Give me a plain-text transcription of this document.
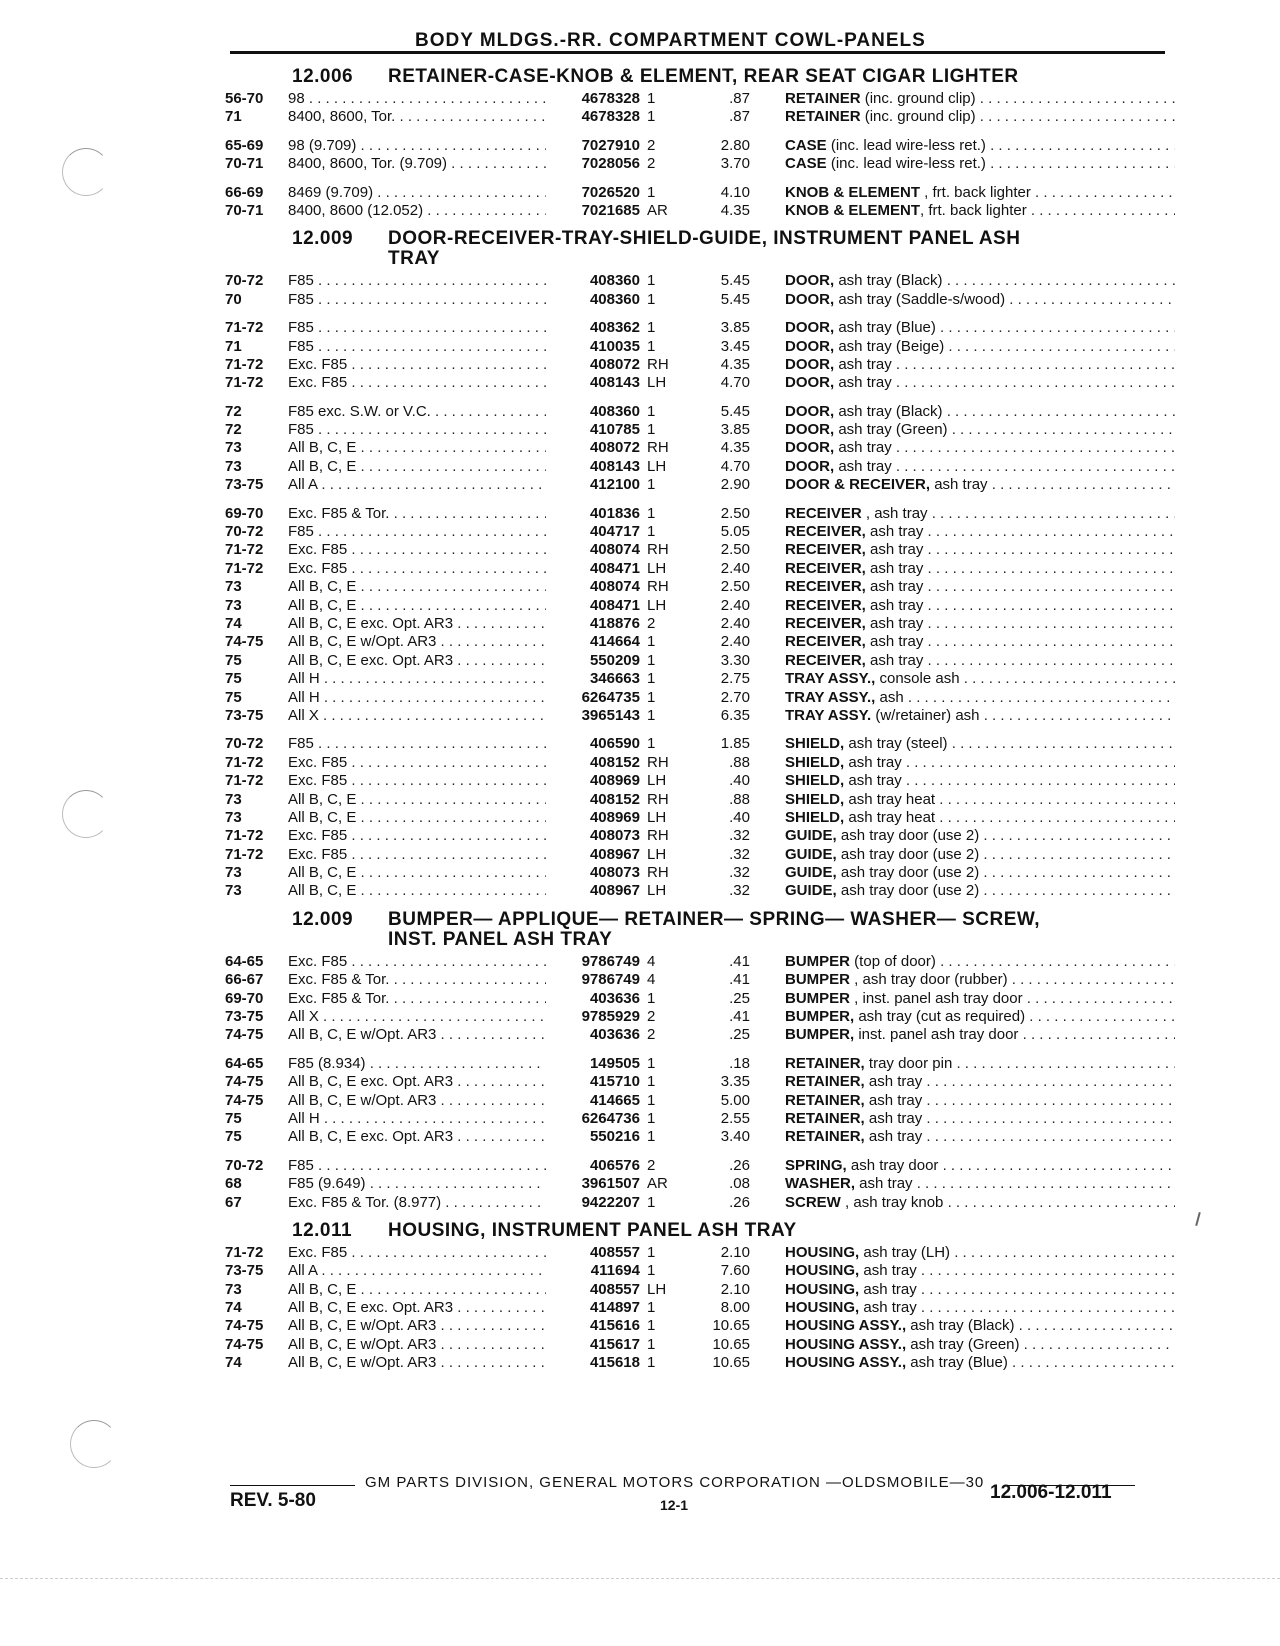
BODY MLDGS.-RR. COMPARTMENT COWL-PANELS
12.006 RETAINER-CASE-KNOB & ELEMENT, REAR SEAT CIGAR LIGHTER
56-70	98 . . .	4678328 1	.87 RETAINER (inc. ground clip) . . .
71	8400, 8600, Tor. . . .	4678328 1	.87 RETAINER (inc. ground clip) . . .
65-69	98 (9.709) . . .	7027910 2	2.80 CASE (inc. lead wire-less ret.) . . .
70-71	8400, 8600, Tor. (9.709) . . .	7028056 2	3.70 CASE (inc. lead wire-less ret.) . . .
66-69	8469 (9.709) . . .	7026520 1	4.10 KNOB & ELEMENT , frt. back lighter . . .
70-71	8400, 8600 (12.052) . . .	7021685 AR	4.35 KNOB & ELEMENT, frt. back lighter . . .
12.009 DOOR-RECEIVER-TRAY-SHIELD-GUIDE, INSTRUMENT PANEL ASH
TRAY
70-72	F85 . . .	408360 1	5.45 DOOR, ash tray (Black) . . .
70	F85 . . .	408360 1	5.45 DOOR, ash tray (Saddle-s/wood) . . .
71-72	F85 . . .	408362 1	3.85 DOOR, ash tray (Blue) . . .
71	F85 . . .	410035 1	3.45 DOOR, ash tray (Beige) . . .
71-72	Exc. F85 . . .	408072 RH	4.35 DOOR, ash tray . . .
71-72	Exc. F85 . . .	408143 LH	4.70 DOOR, ash tray . . .
72	F85 exc. S.W. or V.C. . . .	408360 1	5.45 DOOR, ash tray (Black) . . .
72	F85 . . .	410785 1	3.85 DOOR, ash tray (Green) . . .
73	All B, C, E . . .	408072 RH	4.35 DOOR, ash tray . . .
73	All B, C, E . . .	408143 LH	4.70 DOOR, ash tray . . .
73-75	All A . . .	412100 1	2.90 DOOR & RECEIVER, ash tray . . .
69-70	Exc. F85 & Tor. . . .	401836 1	2.50 RECEIVER , ash tray . . .
70-72	F85 . . .	404717 1	5.05 RECEIVER, ash tray . . .
71-72	Exc. F85 . . .	408074 RH	2.50 RECEIVER, ash tray . . .
71-72	Exc. F85 . . .	408471 LH	2.40 RECEIVER, ash tray . . .
73	All B, C, E . . .	408074 RH	2.50 RECEIVER, ash tray . . .
73	All B, C, E . . .	408471 LH	2.40 RECEIVER, ash tray . . .
74	All B, C, E exc. Opt. AR3 . . .	418876 2	2.40 RECEIVER, ash tray . . .
74-75	All B, C, E w/Opt. AR3 . . .	414664 1	2.40 RECEIVER, ash tray . . .
75	All B, C, E exc. Opt. AR3 . . .	550209 1	3.30 RECEIVER, ash tray . . .
75	All H . . .	346663 1	2.75 TRAY ASSY., console ash . . .
75	All H . . .	6264735 1	2.70 TRAY ASSY., ash . . .
73-75	All X . . .	3965143 1	6.35 TRAY ASSY. (w/retainer) ash . . .
70-72	F85 . . .	406590 1	1.85 SHIELD, ash tray (steel) . . .
71-72	Exc. F85 . . .	408152 RH	.88 SHIELD, ash tray . . .
71-72	Exc. F85 . . .	408969 LH	.40 SHIELD, ash tray . . .
73	All B, C, E . . .	408152 RH	.88 SHIELD, ash tray heat . . .
73	All B, C, E . . .	408969 LH	.40 SHIELD, ash tray heat . . .
71-72	Exc. F85 . . .	408073 RH	.32 GUIDE, ash tray door (use 2) . . .
71-72	Exc. F85 . . .	408967 LH	.32 GUIDE, ash tray door (use 2) . . .
73	All B, C, E . . .	408073 RH	.32 GUIDE, ash tray door (use 2) . . .
73	All B, C, E . . .	408967 LH	.32 GUIDE, ash tray door (use 2) . . .
12.009 BUMPER— APPLIQUE— RETAINER— SPRING— WASHER— SCREW,
INST. PANEL ASH TRAY
64-65	Exc. F85 . . .	9786749 4	.41 BUMPER (top of door) . . .
66-67	Exc. F85 & Tor. . . .	9786749 4	.41 BUMPER , ash tray door (rubber) . . .
69-70	Exc. F85 & Tor. . . .	403636 1	.25 BUMPER , inst. panel ash tray door . . .
73-75	All X . . .	9785929 2	.41 BUMPER, ash tray (cut as required) . . .
74-75	All B, C, E w/Opt. AR3 . . .	403636 2	.25 BUMPER, inst. panel ash tray door . . .
64-65	F85 (8.934) . . .	149505 1	.18 RETAINER, tray door pin . . .
74-75	All B, C, E exc. Opt. AR3 . . .	415710 1	3.35 RETAINER, ash tray . . .
74-75	All B, C, E w/Opt. AR3 . . .	414665 1	5.00 RETAINER, ash tray . . .
75	All H . . .	6264736 1	2.55 RETAINER, ash tray . . .
75	All B, C, E exc. Opt. AR3 . . .	550216 1	3.40 RETAINER, ash tray . . .
70-72	F85 . . .	406576 2	.26 SPRING, ash tray door . . .
68	F85 (9.649) . . .	3961507 AR	.08 WASHER, ash tray . . .
67	Exc. F85 & Tor. (8.977) . . .	9422207 1	.26 SCREW , ash tray knob . . .
12.011 HOUSING, INSTRUMENT PANEL ASH TRAY
71-72	Exc. F85 . . .	408557 1	2.10 HOUSING, ash tray (LH) . . .
73-75	All A . . .	411694 1	7.60 HOUSING, ash tray . . .
73	All B, C, E . . .	408557 LH	2.10 HOUSING, ash tray . . .
74	All B, C, E exc. Opt. AR3 . . .	414897 1	8.00 HOUSING, ash tray . . .
74-75	All B, C, E w/Opt. AR3 . . .	415616 1	10.65 HOUSING ASSY., ash tray (Black) . . .
74-75	All B, C, E w/Opt. AR3 . . .	415617 1	10.65 HOUSING ASSY., ash tray (Green) . . .
74	All B, C, E w/Opt. AR3 . . .	415618 1	10.65 HOUSING ASSY., ash tray (Blue) . . .
GM PARTS DIVISION, GENERAL MOTORS CORPORATION —OLDSMOBILE—30
REV. 5-80	12-1
12.006-12.011
